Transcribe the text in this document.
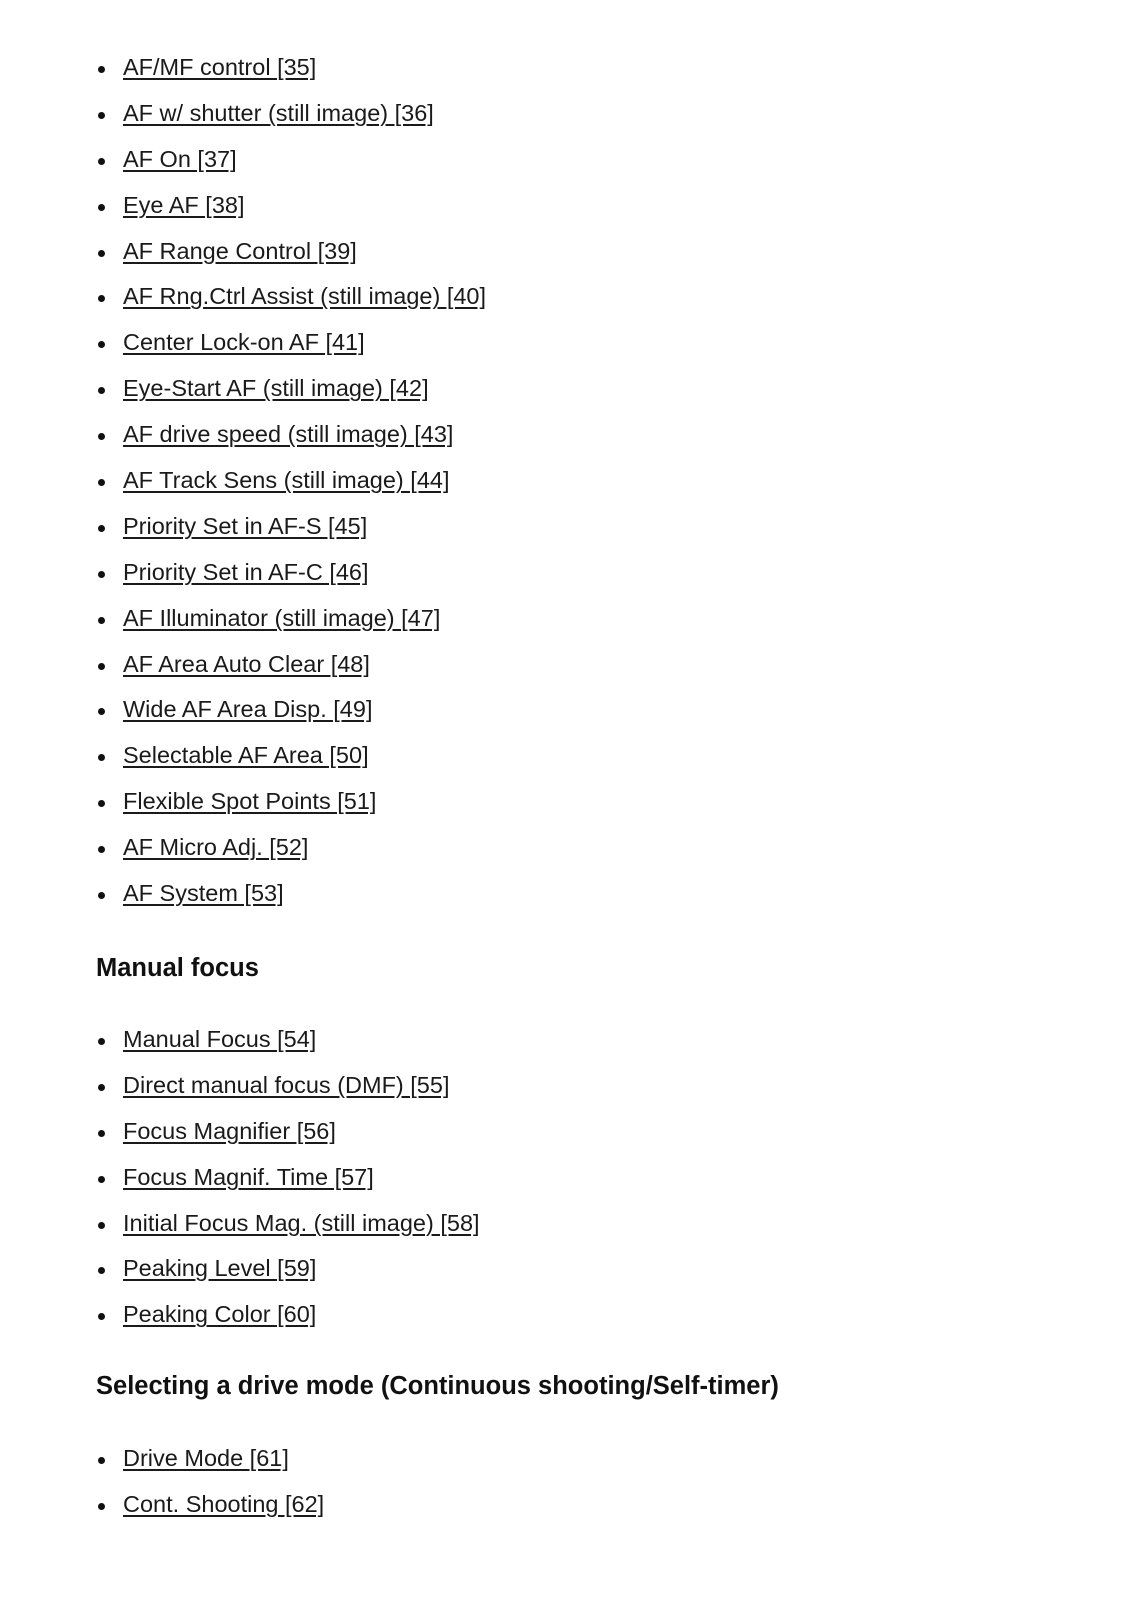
AF/MF control [35]
AF w/ shutter (still image) [36]
AF On [37]
Eye AF [38]
AF Range Control [39]
AF Rng.Ctrl Assist (still image) [40]
Center Lock-on AF [41]
Eye-Start AF (still image) [42]
AF drive speed (still image) [43]
AF Track Sens (still image) [44]
Priority Set in AF-S [45]
Priority Set in AF-C [46]
AF Illuminator (still image) [47]
AF Area Auto Clear [48]
Wide AF Area Disp. [49]
Selectable AF Area [50]
Flexible Spot Points [51]
AF Micro Adj. [52]
AF System [53]
Manual focus
Manual Focus [54]
Direct manual focus (DMF) [55]
Focus Magnifier [56]
Focus Magnif. Time [57]
Initial Focus Mag. (still image) [58]
Peaking Level [59]
Peaking Color [60]
Selecting a drive mode (Continuous shooting/Self-timer)
Drive Mode [61]
Cont. Shooting [62]
